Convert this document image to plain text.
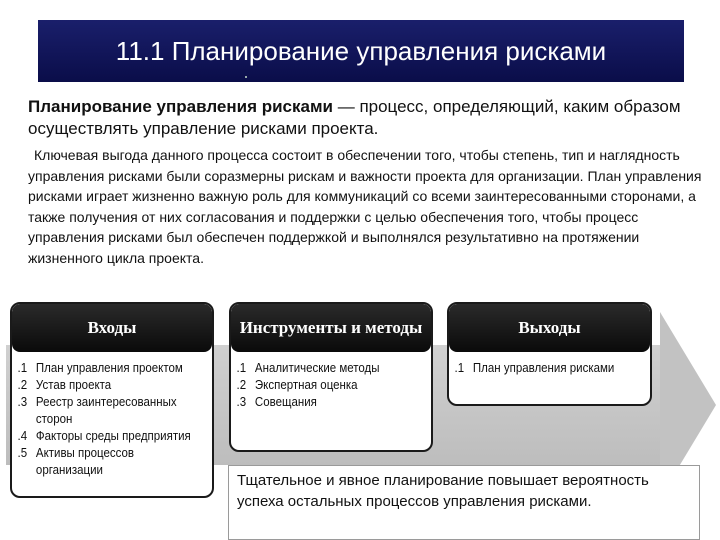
11.1 Планирование управления рисками
Планирование управления рисками — процесс, определяющий, каким образом осуществлять управление рисками проекта.
Ключевая выгода данного процесса состоит в обеспечении того, чтобы степень, тип и наглядность управления рисками были соразмерны рискам и важности проекта для организации. План управления рисками играет жизненно важную роль для коммуникаций со всеми заинтересованными сторонами, а также получения от них согласования и поддержки с целью обеспечения того, чтобы процесс управления рисками был обеспечен поддержкой и выполнялся результативно на протяжении жизненного цикла проекта.
Входы
.1 План управления проектом
.2 Устав проекта
.3 Реестр заинтересованных
сторон
.4 Факторы среды предприятия
.5 Активы процессов организации
Инструменты и методы
.1 Аналитические методы
.2 Экспертная оценка
.3 Совещания
Выходы
.1 План управления рисками
Тщательное и явное планирование повышает вероятность успеха остальных процессов управления рисками.
